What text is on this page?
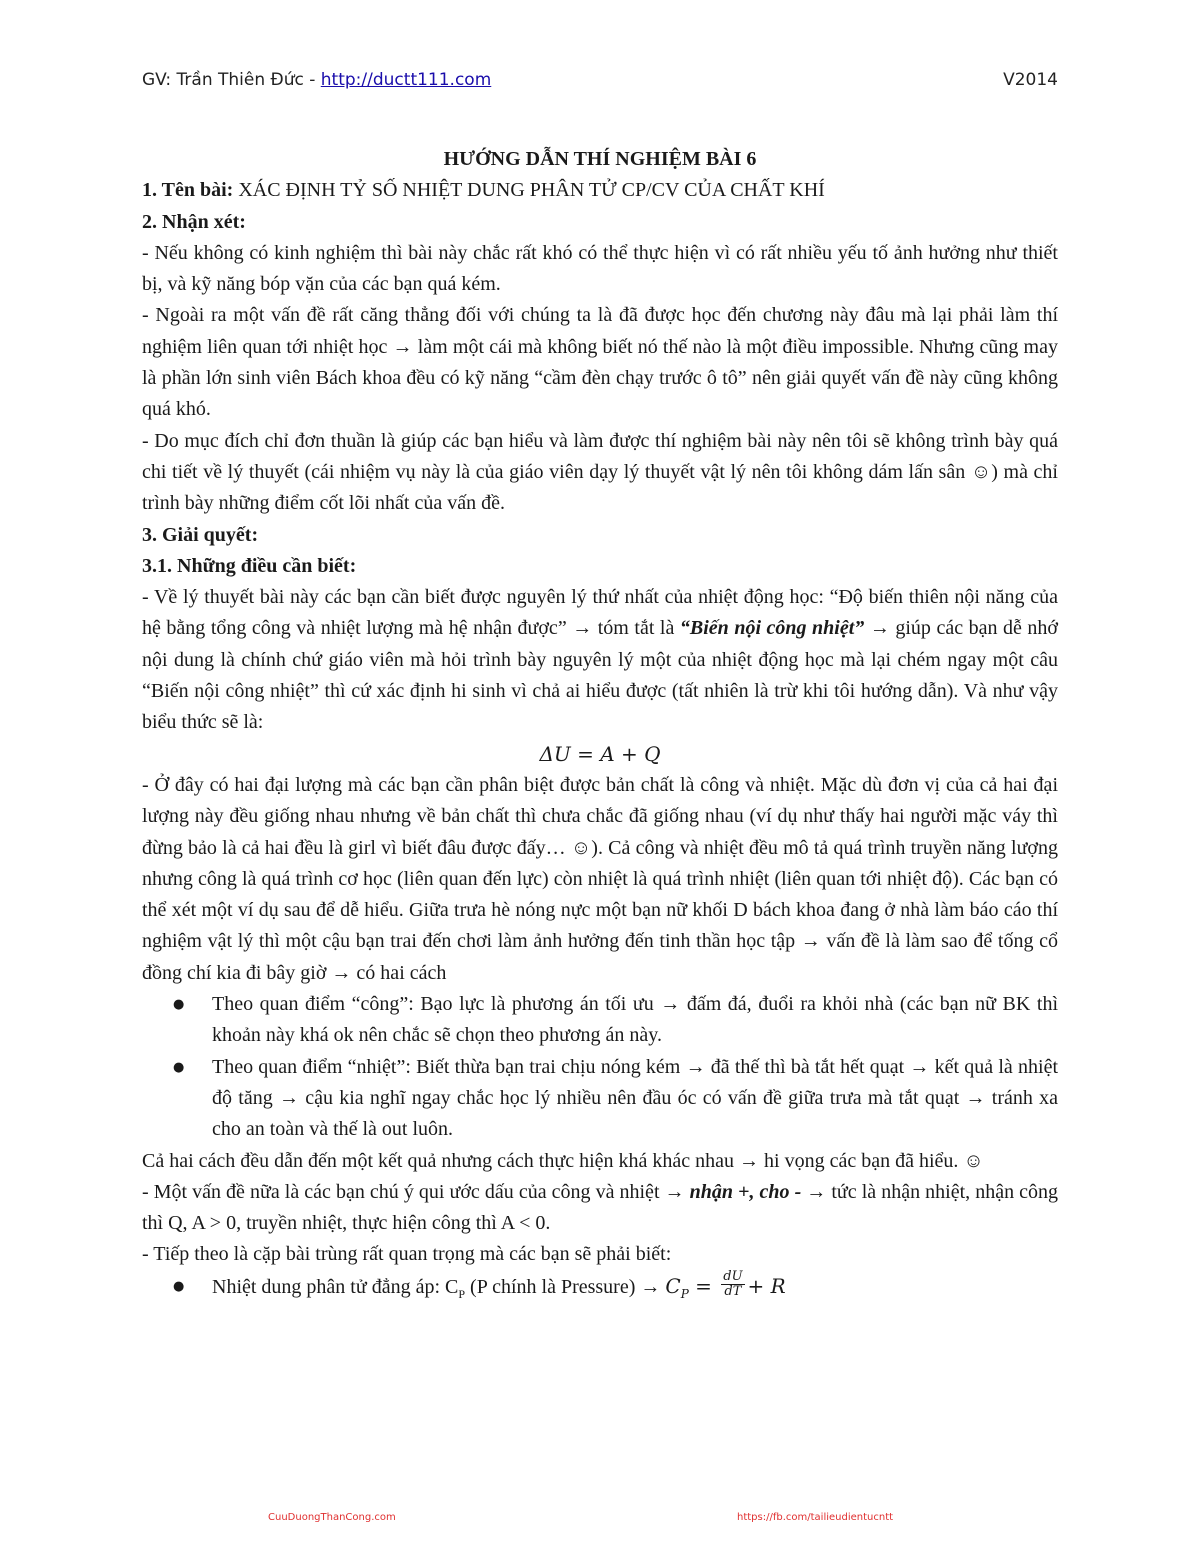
GV: Trần Thiên Đức - http://ductt111.com	V2014

HƯỚNG DẪN THÍ NGHIỆM BÀI 6

1. Tên bài: XÁC ĐỊNH TỶ SỐ NHIỆT DUNG PHÂN TỬ CP/CV CỦA CHẤT KHÍ

2. Nhận xét:

- Nếu không có kinh nghiệm thì bài này chắc rất khó có thể thực hiện vì có rất nhiều yếu tố ảnh hưởng như thiết bị, và kỹ năng bóp vặn của các bạn quá kém.

- Ngoài ra một vấn đề rất căng thẳng đối với chúng ta là đã được học đến chương này đâu mà lại phải làm thí nghiệm liên quan tới nhiệt học → làm một cái mà không biết nó thế nào là một điều impossible. Nhưng cũng may là phần lớn sinh viên Bách khoa đều có kỹ năng “cầm đèn chạy trước ô tô” nên giải quyết vấn đề này cũng không quá khó.

- Do mục đích chỉ đơn thuần là giúp các bạn hiểu và làm được thí nghiệm bài này nên tôi sẽ không trình bày quá chi tiết về lý thuyết (cái nhiệm vụ này là của giáo viên dạy lý thuyết vật lý nên tôi không dám lấn sân ☺) mà chỉ trình bày những điểm cốt lõi nhất của vấn đề.

3. Giải quyết:

3.1. Những điều cần biết:

- Về lý thuyết bài này các bạn cần biết được nguyên lý thứ nhất của nhiệt động học: “Độ biến thiên nội năng của hệ bằng tổng công và nhiệt lượng mà hệ nhận được” → tóm tắt là “Biến nội công nhiệt” → giúp các bạn dễ nhớ nội dung là chính chứ giáo viên mà hỏi trình bày nguyên lý một của nhiệt động học mà lại chém ngay một câu “Biến nội công nhiệt” thì cứ xác định hi sinh vì chả ai hiểu được (tất nhiên là trừ khi tôi hướng dẫn). Và như vậy biểu thức sẽ là:

ΔU = A + Q

- Ở đây có hai đại lượng mà các bạn cần phân biệt được bản chất là công và nhiệt. Mặc dù đơn vị của cả hai đại lượng này đều giống nhau nhưng về bản chất thì chưa chắc đã giống nhau (ví dụ như thấy hai người mặc váy thì đừng bảo là cả hai đều là girl vì biết đâu được đấy… ☺). Cả công và nhiệt đều mô tả quá trình truyền năng lượng nhưng công là quá trình cơ học (liên quan đến lực) còn nhiệt là quá trình nhiệt (liên quan tới nhiệt độ). Các bạn có thể xét một ví dụ sau để dễ hiểu. Giữa trưa hè nóng nực một bạn nữ khối D bách khoa đang ở nhà làm báo cáo thí nghiệm vật lý thì một cậu bạn trai đến chơi làm ảnh hưởng đến tinh thần học tập → vấn đề là làm sao để tống cổ đồng chí kia đi bây giờ → có hai cách

● Theo quan điểm “công”: Bạo lực là phương án tối ưu → đấm đá, đuổi ra khỏi nhà (các bạn nữ BK thì khoản này khá ok nên chắc sẽ chọn theo phương án này.
● Theo quan điểm “nhiệt”: Biết thừa bạn trai chịu nóng kém → đã thế thì bà tắt hết quạt → kết quả là nhiệt độ tăng → cậu kia nghĩ ngay chắc học lý nhiều nên đầu óc có vấn đề giữa trưa mà tắt quạt → tránh xa cho an toàn và thế là out luôn.

Cả hai cách đều dẫn đến một kết quả nhưng cách thực hiện khá khác nhau → hi vọng các bạn đã hiểu. ☺

- Một vấn đề nữa là các bạn chú ý qui ước dấu của công và nhiệt → nhận +, cho - → tức là nhận nhiệt, nhận công thì Q, A > 0, truyền nhiệt, thực hiện công thì A < 0.

- Tiếp theo là cặp bài trùng rất quan trọng mà các bạn sẽ phải biết:

● Nhiệt dung phân tử đẳng áp: $C_P$ (P chính là Pressure) → $C_P = \frac{dU}{dT} + R$
CuuDuongThanCong.com	https://fb.com/tailieudientucntt
